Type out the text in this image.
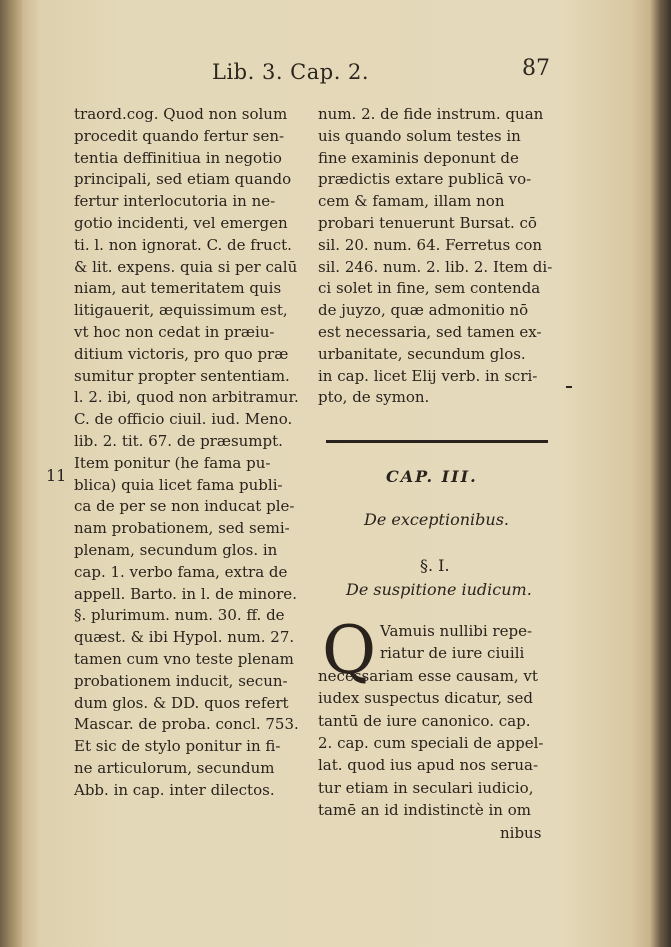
Lib. 3. Cap. 2.	87
traord.cog. Quod non solum
procedit quando fertur sen-
tentia deffinitiua in negotio
principali, sed etiam quando
fertur interlocutoria in ne-
gotio incidenti, vel emergen
ti. l. non ignorat. C. de fruct.
& lit. expens. quia si per calū
niam, aut temeritatem quis
litigauerit, æquissimum est,
vt hoc non cedat in præiu-
ditium victoris, pro quo præ
sumitur propter sententiam.
l. 2. ibi, quod non arbitramur.
C. de officio ciuil. iud. Meno.
lib. 2. tit. 67. de præsumpt.
Item ponitur (he fama pu-
blica) quia licet fama publi-
ca de per se non inducat ple-
nam probationem, sed semi-
plenam, secundum glos. in
cap. 1. verbo fama, extra de
appell. Barto. in l. de minore.
§. plurimum. num. 30. ff. de
quæst. & ibi Hypol. num. 27.
tamen cum vno teste plenam
probationem inducit, secun-
dum glos. & DD. quos refert
Mascar. de proba. concl. 753.
Et sic de stylo ponitur in fi-
ne articulorum, secundum
Abb. in cap. inter dilectos.
11
num. 2. de fide instrum. quan
uis quando solum testes in
fine examinis deponunt de
prædictis extare publicā vo-
cem & famam, illam non
probari tenuerunt Bursat. cō
sil. 20. num. 64. Ferretus con
sil. 246. num. 2. lib. 2. Item di-
ci solet in fine, sem contenda
de juyzo, quæ admonitio nō
est necessaria, sed tamen ex-
urbanitate, secundum glos.
in cap. licet Elij verb. in scri-
pto, de symon.
CAP. III.
De exceptionibus.
§. I.
De suspitione iudicum.
Q Vamuis nullibi repe-
riatur de iure ciuili
necessariam esse causam, vt
iudex suspectus dicatur, sed
tantū de iure canonico. cap.
2. cap. cum speciali de appel-
lat. quod ius apud nos serua-
tur etiam in seculari iudicio,
tamē an id indistinctè in om
nibus
